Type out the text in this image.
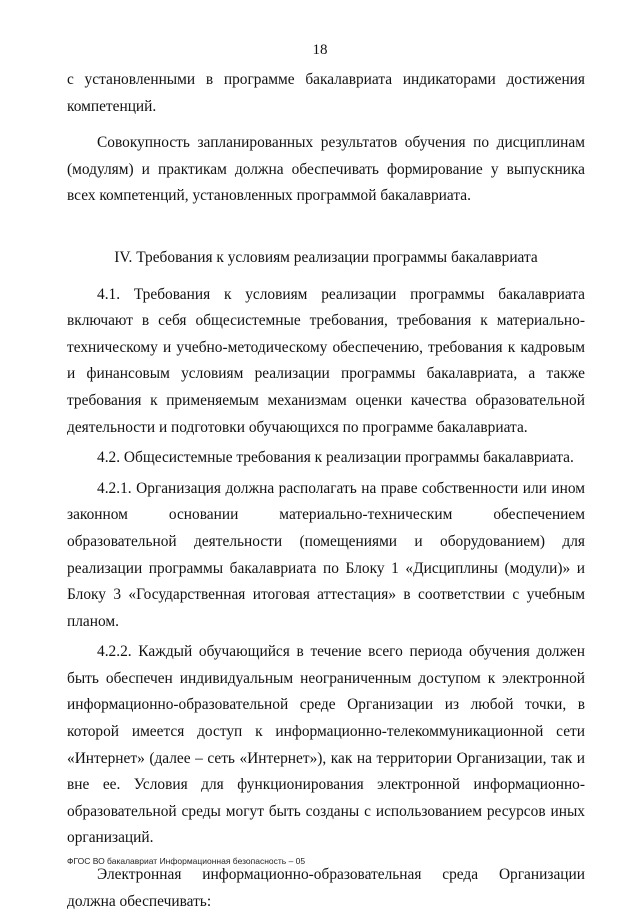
18

с установленными в программе бакалавриата индикаторами достижения компетенций.

Совокупность запланированных результатов обучения по дисциплинам (модулям) и практикам должна обеспечивать формирование у выпускника всех компетенций, установленных программой бакалавриата.

IV. Требования к условиям реализации программы бакалавриата

4.1. Требования к условиям реализации программы бакалавриата включают в себя общесистемные требования, требования к материально-техническому и учебно-методическому обеспечению, требования к кадровым и финансовым условиям реализации программы бакалавриата, а также требования к применяемым механизмам оценки качества образовательной деятельности и подготовки обучающихся по программе бакалавриата.

4.2. Общесистемные требования к реализации программы бакалавриата.

4.2.1. Организация должна располагать на праве собственности или ином законном основании материально-техническим обеспечением образовательной деятельности (помещениями и оборудованием) для реализации программы бакалавриата по Блоку 1 «Дисциплины (модули)» и Блоку 3 «Государственная итоговая аттестация» в соответствии с учебным планом.

4.2.2. Каждый обучающийся в течение всего периода обучения должен быть обеспечен индивидуальным неограниченным доступом к электронной информационно-образовательной среде Организации из любой точки, в которой имеется доступ к информационно-телекоммуникационной сети «Интернет» (далее – сеть «Интернет»), как на территории Организации, так и вне ее. Условия для функционирования электронной информационно-образовательной среды могут быть созданы с использованием ресурсов иных организаций.

Электронная информационно-образовательная среда Организации должна обеспечивать:

ФГОС ВО бакалавриат Информационная безопасность – 05
